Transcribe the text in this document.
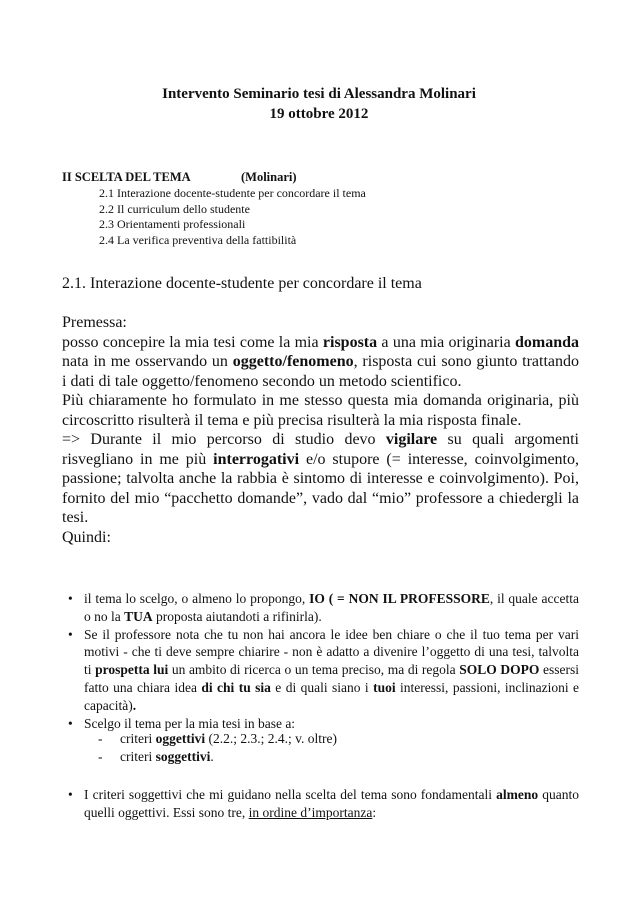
Intervento Seminario tesi di Alessandra Molinari
19 ottobre 2012
II SCELTA DEL TEMA	(Molinari)
2.1 Interazione docente-studente per concordare il tema
2.2 Il curriculum dello studente
2.3 Orientamenti professionali
2.4 La verifica preventiva della fattibilità
2.1. Interazione docente-studente per concordare il tema

Premessa:

posso concepire la mia tesi come la mia risposta a una mia originaria domanda nata in me osservando un oggetto/fenomeno, risposta cui sono giunto trattando i dati di tale oggetto/fenomeno secondo un metodo scientifico.

Più chiaramente ho formulato in me stesso questa mia domanda originaria, più circoscritto risulterà il tema e più precisa risulterà la mia risposta finale.

=> Durante il mio percorso di studio devo vigilare su quali argomenti risvegliano in me più interrogativi e/o stupore (= interesse, coinvolgimento, passione; talvolta anche la rabbia è sintomo di interesse e coinvolgimento). Poi, fornito del mio “pacchetto domande”, vado dal “mio” professore a chiedergli la tesi.

Quindi:

• il tema lo scelgo, o almeno lo propongo, IO ( = NON IL PROFESSORE, il quale accetta o no la TUA proposta aiutandoti a rifinirla).
• Se il professore nota che tu non hai ancora le idee ben chiare o che il tuo tema per vari motivi - che ti deve sempre chiarire - non è adatto a divenire l’oggetto di una tesi, talvolta ti prospetta lui un ambito di ricerca o un tema preciso, ma di regola SOLO DOPO essersi fatto una chiara idea di chi tu sia e di quali siano i tuoi interessi, passioni, inclinazioni e capacità).
• Scelgo il tema per la mia tesi in base a:
- criteri oggettivi (2.2.; 2.3.; 2.4.; v. oltre)
- criteri soggettivi.
• I criteri soggettivi che mi guidano nella scelta del tema sono fondamentali almeno quanto quelli oggettivi. Essi sono tre, in ordine d’importanza:
